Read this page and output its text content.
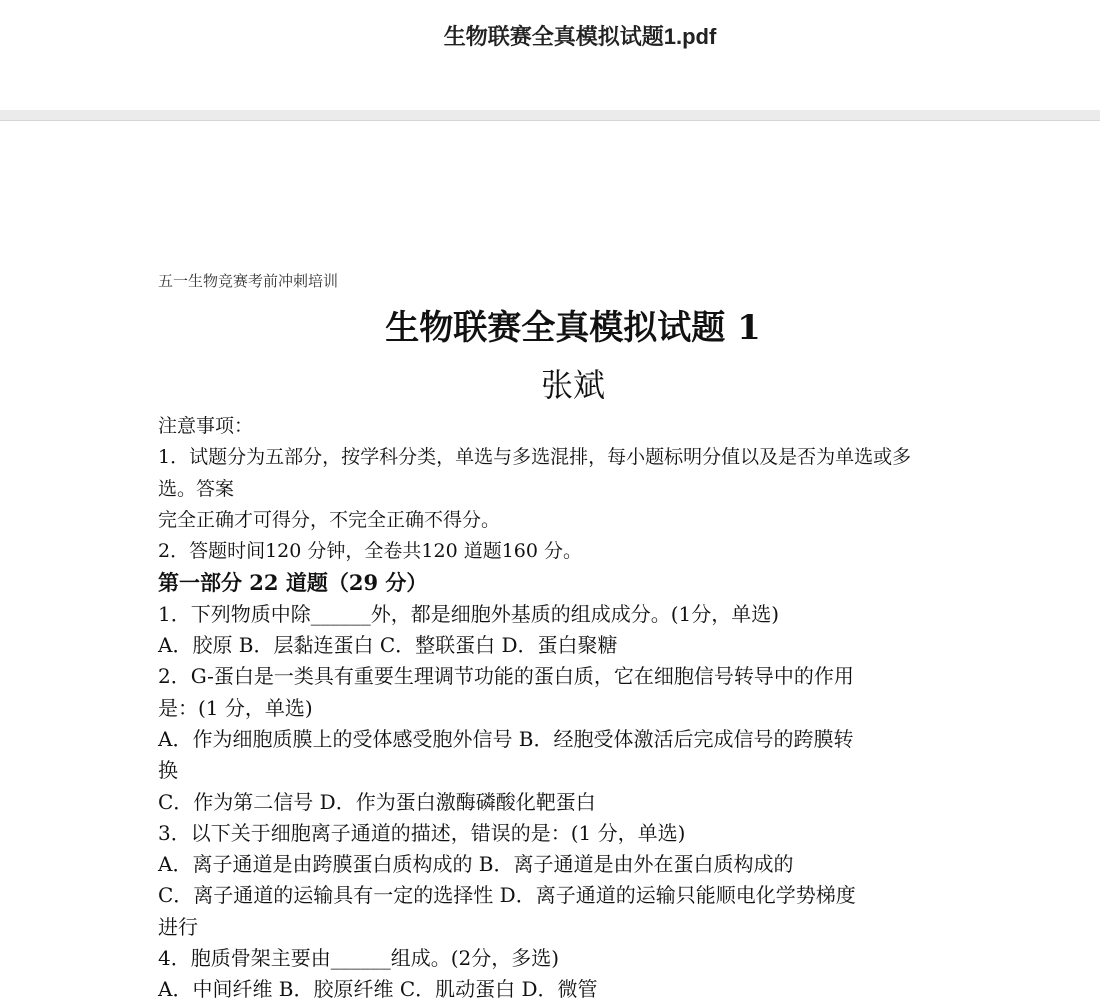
生物联赛全真模拟试题1.pdf
五一生物竞赛考前冲刺培训
生物联赛全真模拟试题 1
张斌
注意事项：
1．试题分为五部分，按学科分类，单选与多选混排，每小题标明分值以及是否为单选或多
选。答案
完全正确才可得分，不完全正确不得分。
2．答题时间120 分钟，全卷共120 道题160 分。
第一部分 22 道题（29 分）
1．下列物质中除______外，都是细胞外基质的组成成分。(1分，单选)
A．胶原 B．层黏连蛋白 C．整联蛋白 D．蛋白聚糖
2．G-蛋白是一类具有重要生理调节功能的蛋白质，它在细胞信号转导中的作用
是：(1 分，单选)
A．作为细胞质膜上的受体感受胞外信号 B．经胞受体激活后完成信号的跨膜转
换
C．作为第二信号 D．作为蛋白激酶磷酸化靶蛋白
3．以下关于细胞离子通道的描述，错误的是：(1 分，单选)
A．离子通道是由跨膜蛋白质构成的 B．离子通道是由外在蛋白质构成的
C．离子通道的运输具有一定的选择性 D．离子通道的运输只能顺电化学势梯度
进行
4．胞质骨架主要由______组成。(2分，多选)
A．中间纤维 B．胶原纤维 C．肌动蛋白 D．微管
